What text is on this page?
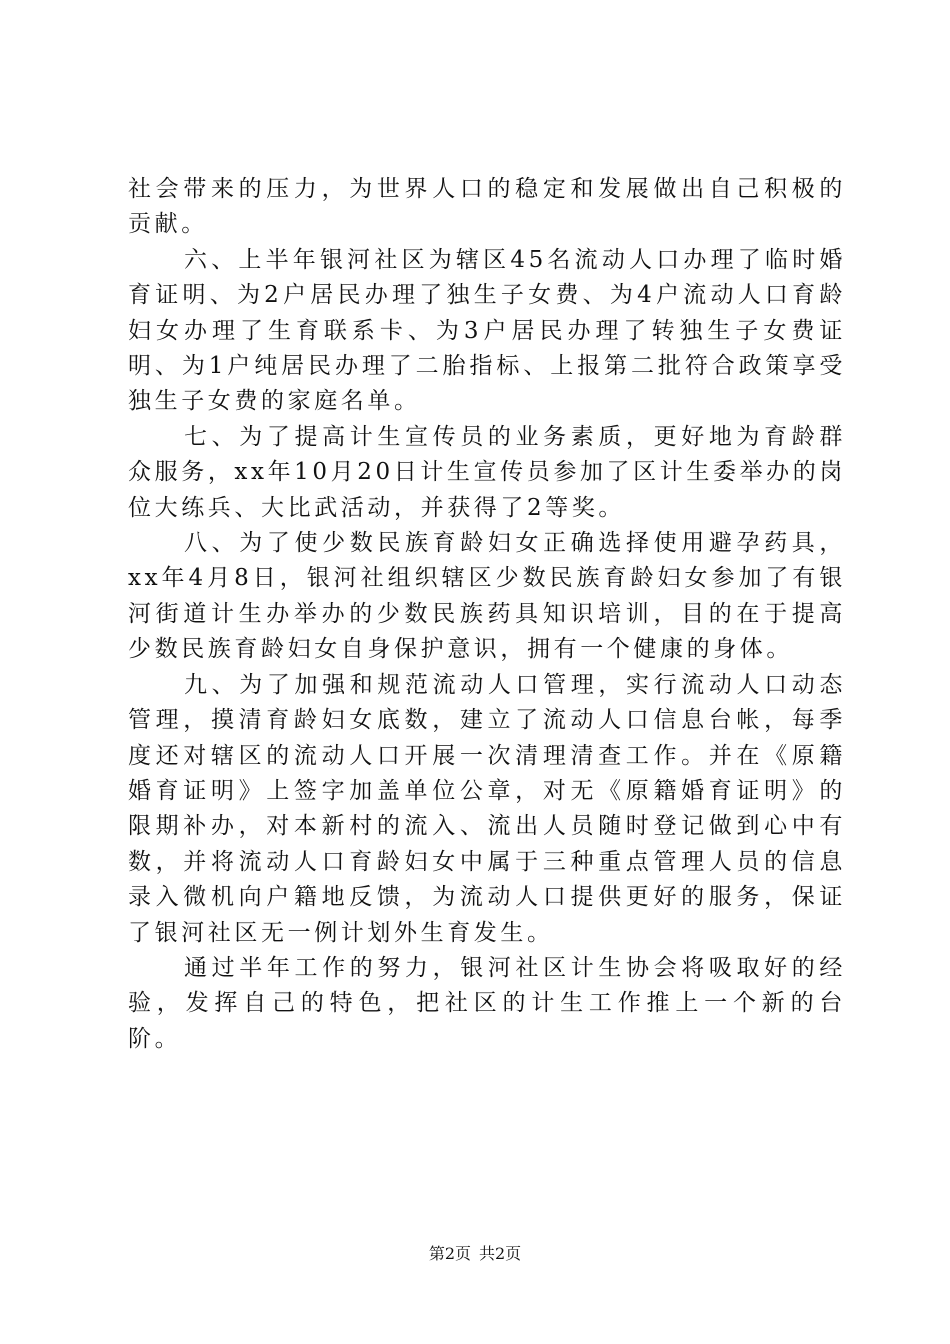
社会带来的压力，为世界人口的稳定和发展做出自己积极的贡献。

六、上半年银河社区为辖区45名流动人口办理了临时婚育证明、为2户居民办理了独生子女费、为4户流动人口育龄妇女办理了生育联系卡、为3户居民办理了转独生子女费证明、为1户纯居民办理了二胎指标、上报第二批符合政策享受独生子女费的家庭名单。

七、为了提高计生宣传员的业务素质，更好地为育龄群众服务，xx年10月20日计生宣传员参加了区计生委举办的岗位大练兵、大比武活动，并获得了2等奖。

八、为了使少数民族育龄妇女正确选择使用避孕药具，xx年4月8日，银河社组织辖区少数民族育龄妇女参加了有银河街道计生办举办的少数民族药具知识培训，目的在于提高少数民族育龄妇女自身保护意识，拥有一个健康的身体。

九、为了加强和规范流动人口管理，实行流动人口动态管理，摸清育龄妇女底数，建立了流动人口信息台帐，每季度还对辖区的流动人口开展一次清理清查工作。并在《原籍婚育证明》上签字加盖单位公章，对无《原籍婚育证明》的限期补办，对本新村的流入、流出人员随时登记做到心中有数，并将流动人口育龄妇女中属于三种重点管理人员的信息录入微机向户籍地反馈，为流动人口提供更好的服务，保证了银河社区无一例计划外生育发生。

通过半年工作的努力，银河社区计生协会将吸取好的经验，发挥自己的特色，把社区的计生工作推上一个新的台阶。

第2页 共2页
